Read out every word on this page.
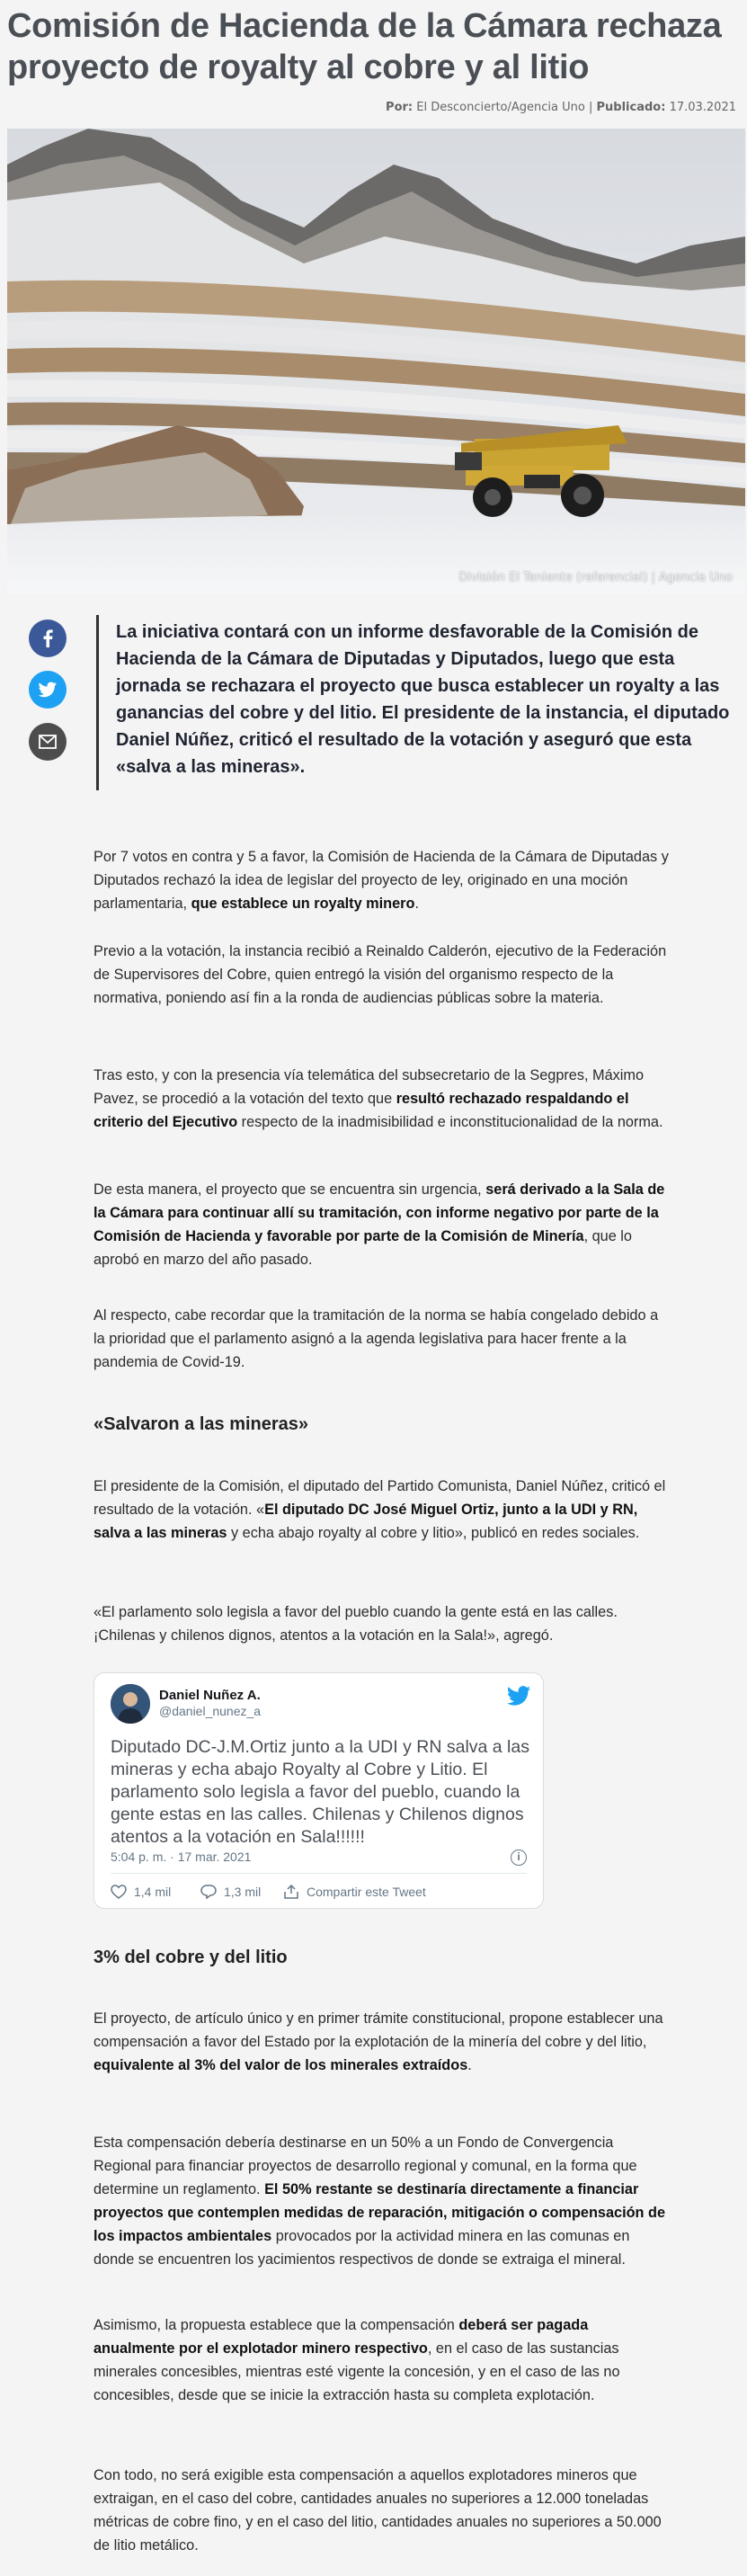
Comisión de Hacienda de la Cámara rechaza proyecto de royalty al cobre y al litio
Por: El Desconcierto/Agencia Uno | Publicado: 17.03.2021
División El Teniente (referencial) | Agencia Uno

La iniciativa contará con un informe desfavorable de la Comisión de Hacienda de la Cámara de Diputadas y Diputados, luego que esta jornada se rechazara el proyecto que busca establecer un royalty a las ganancias del cobre y del litio. El presidente de la instancia, el diputado Daniel Núñez, criticó el resultado de la votación y aseguró que esta «salva a las mineras».

Por 7 votos en contra y 5 a favor, la Comisión de Hacienda de la Cámara de Diputadas y Diputados rechazó la idea de legislar del proyecto de ley, originado en una moción parlamentaria, que establece un royalty minero.

Previo a la votación, la instancia recibió a Reinaldo Calderón, ejecutivo de la Federación de Supervisores del Cobre, quien entregó la visión del organismo respecto de la normativa, poniendo así fin a la ronda de audiencias públicas sobre la materia.

Tras esto, y con la presencia vía telemática del subsecretario de la Segpres, Máximo Pavez, se procedió a la votación del texto que resultó rechazado respaldando el criterio del Ejecutivo respecto de la inadmisibilidad e inconstitucionalidad de la norma.

De esta manera, el proyecto que se encuentra sin urgencia, será derivado a la Sala de la Cámara para continuar allí su tramitación, con informe negativo por parte de la Comisión de Hacienda y favorable por parte de la Comisión de Minería, que lo aprobó en marzo del año pasado.

Al respecto, cabe recordar que la tramitación de la norma se había congelado debido a la prioridad que el parlamento asignó a la agenda legislativa para hacer frente a la pandemia de Covid-19.

«Salvaron a las mineras»

El presidente de la Comisión, el diputado del Partido Comunista, Daniel Núñez, criticó el resultado de la votación. «El diputado DC José Miguel Ortiz, junto a la UDI y RN, salva a las mineras y echa abajo royalty al cobre y litio», publicó en redes sociales.

«El parlamento solo legisla a favor del pueblo cuando la gente está en las calles. ¡Chilenas y chilenos dignos, atentos a la votación en la Sala!», agregó.

Daniel Nuñez A.
@daniel_nunez_a
Diputado DC-J.M.Ortiz junto a la UDI y RN salva a las mineras y echa abajo Royalty al Cobre y Litio. El parlamento solo legisla a favor del pueblo, cuando la gente estas en las calles. Chilenas y Chilenos dignos atentos a la votación en Sala!!!!!!
5:04 p. m. · 17 mar. 2021	i
1,4 mil	1,3 mil	Compartir este Tweet
3% del cobre y del litio

El proyecto, de artículo único y en primer trámite constitucional, propone establecer una compensación a favor del Estado por la explotación de la minería del cobre y del litio, equivalente al 3% del valor de los minerales extraídos.

Esta compensación debería destinarse en un 50% a un Fondo de Convergencia Regional para financiar proyectos de desarrollo regional y comunal, en la forma que determine un reglamento. El 50% restante se destinaría directamente a financiar proyectos que contemplen medidas de reparación, mitigación o compensación de los impactos ambientales provocados por la actividad minera en las comunas en donde se encuentren los yacimientos respectivos de donde se extraiga el mineral.

Asimismo, la propuesta establece que la compensación deberá ser pagada anualmente por el explotador minero respectivo, en el caso de las sustancias minerales concesibles, mientras esté vigente la concesión, y en el caso de las no concesibles, desde que se inicie la extracción hasta su completa explotación.

Con todo, no será exigible esta compensación a aquellos explotadores mineros que extraigan, en el caso del cobre, cantidades anuales no superiores a 12.000 toneladas métricas de cobre fino, y en el caso del litio, cantidades anuales no superiores a 50.000 de litio metálico.
